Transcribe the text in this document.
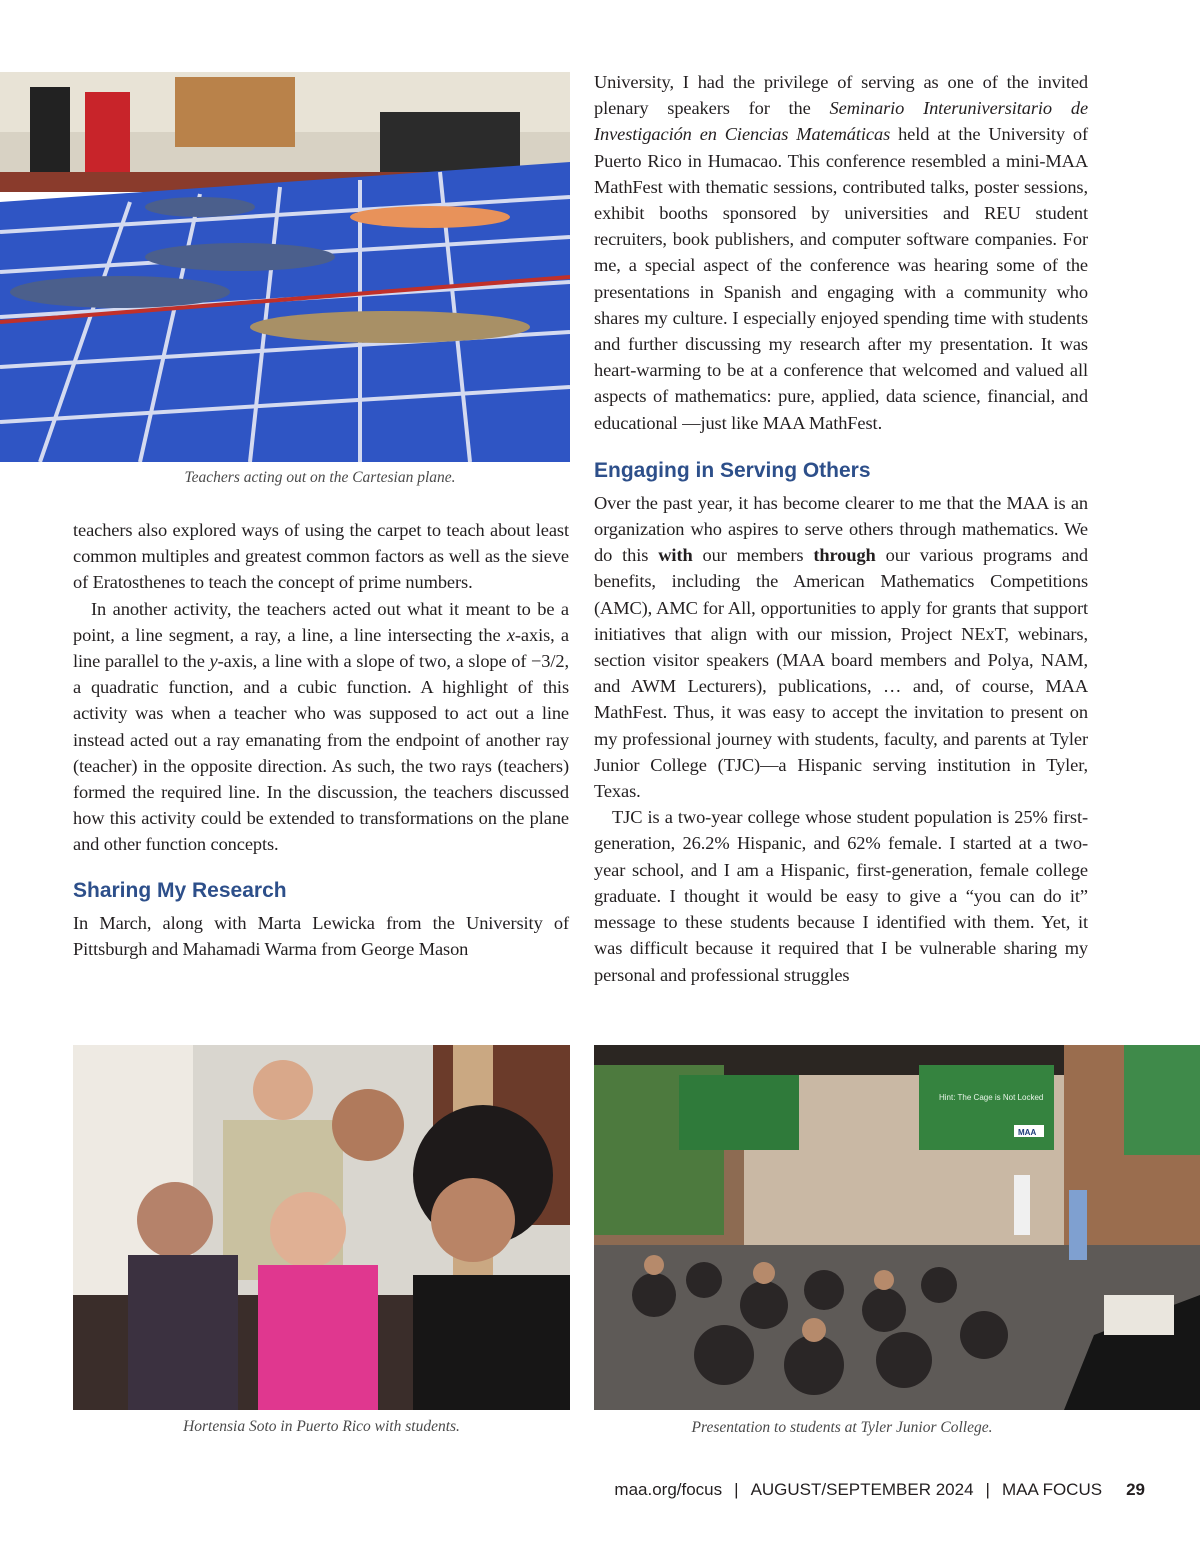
Teachers acting out on the Cartesian plane.

teachers also explored ways of using the carpet to teach about least common multiples and greatest common factors as well as the sieve of Eratosthenes to teach the concept of prime numbers.

In another activity, the teachers acted out what it meant to be a point, a line segment, a ray, a line, a line intersecting the x-axis, a line parallel to the y-axis, a line with a slope of two, a slope of −3/2, a quadratic function, and a cubic function. A highlight of this activity was when a teacher who was supposed to act out a line instead acted out a ray emanating from the endpoint of another ray (teacher) in the opposite direction. As such, the two rays (teachers) formed the required line. In the discussion, the teachers discussed how this activity could be extended to transformations on the plane and other function concepts.

Sharing My Research

In March, along with Marta Lewicka from the University of Pittsburgh and Mahamadi Warma from George Mason

University, I had the privilege of serving as one of the invited plenary speakers for the Seminario Interuniversitario de Investigación en Ciencias Matemáticas held at the University of Puerto Rico in Humacao. This conference resembled a mini-MAA MathFest with thematic sessions, contributed talks, poster sessions, exhibit booths sponsored by universities and REU student recruiters, book publishers, and computer software companies. For me, a special aspect of the conference was hearing some of the presentations in Spanish and engaging with a community who shares my culture. I especially enjoyed spending time with students and further discussing my research after my presentation. It was heart-warming to be at a conference that welcomed and valued all aspects of mathematics: pure, applied, data science, financial, and educational —just like MAA MathFest.

Engaging in Serving Others

Over the past year, it has become clearer to me that the MAA is an organization who aspires to serve others through mathematics. We do this with our members through our various programs and benefits, including the American Mathematics Competitions (AMC), AMC for All, opportunities to apply for grants that support initiatives that align with our mission, Project NExT, webinars, section visitor speakers (MAA board members and Polya, NAM, and AWM Lecturers), publications, … and, of course, MAA MathFest. Thus, it was easy to accept the invitation to present on my professional journey with students, faculty, and parents at Tyler Junior College (TJC)—a Hispanic serving institution in Tyler, Texas.

TJC is a two-year college whose student population is 25% first-generation, 26.2% Hispanic, and 62% female. I started at a two-year school, and I am a Hispanic, first-generation, female college graduate. I thought it would be easy to give a “you can do it” message to these students because I identified with them. Yet, it was difficult because it required that I be vulnerable sharing my personal and professional struggles

Hortensia Soto in Puerto Rico with students.
Hint: The Cage is Not Locked
MAA
Presentation to students at Tyler Junior College.
maa.org/focus | AUGUST/SEPTEMBER 2024 | MAA FOCUS 29
